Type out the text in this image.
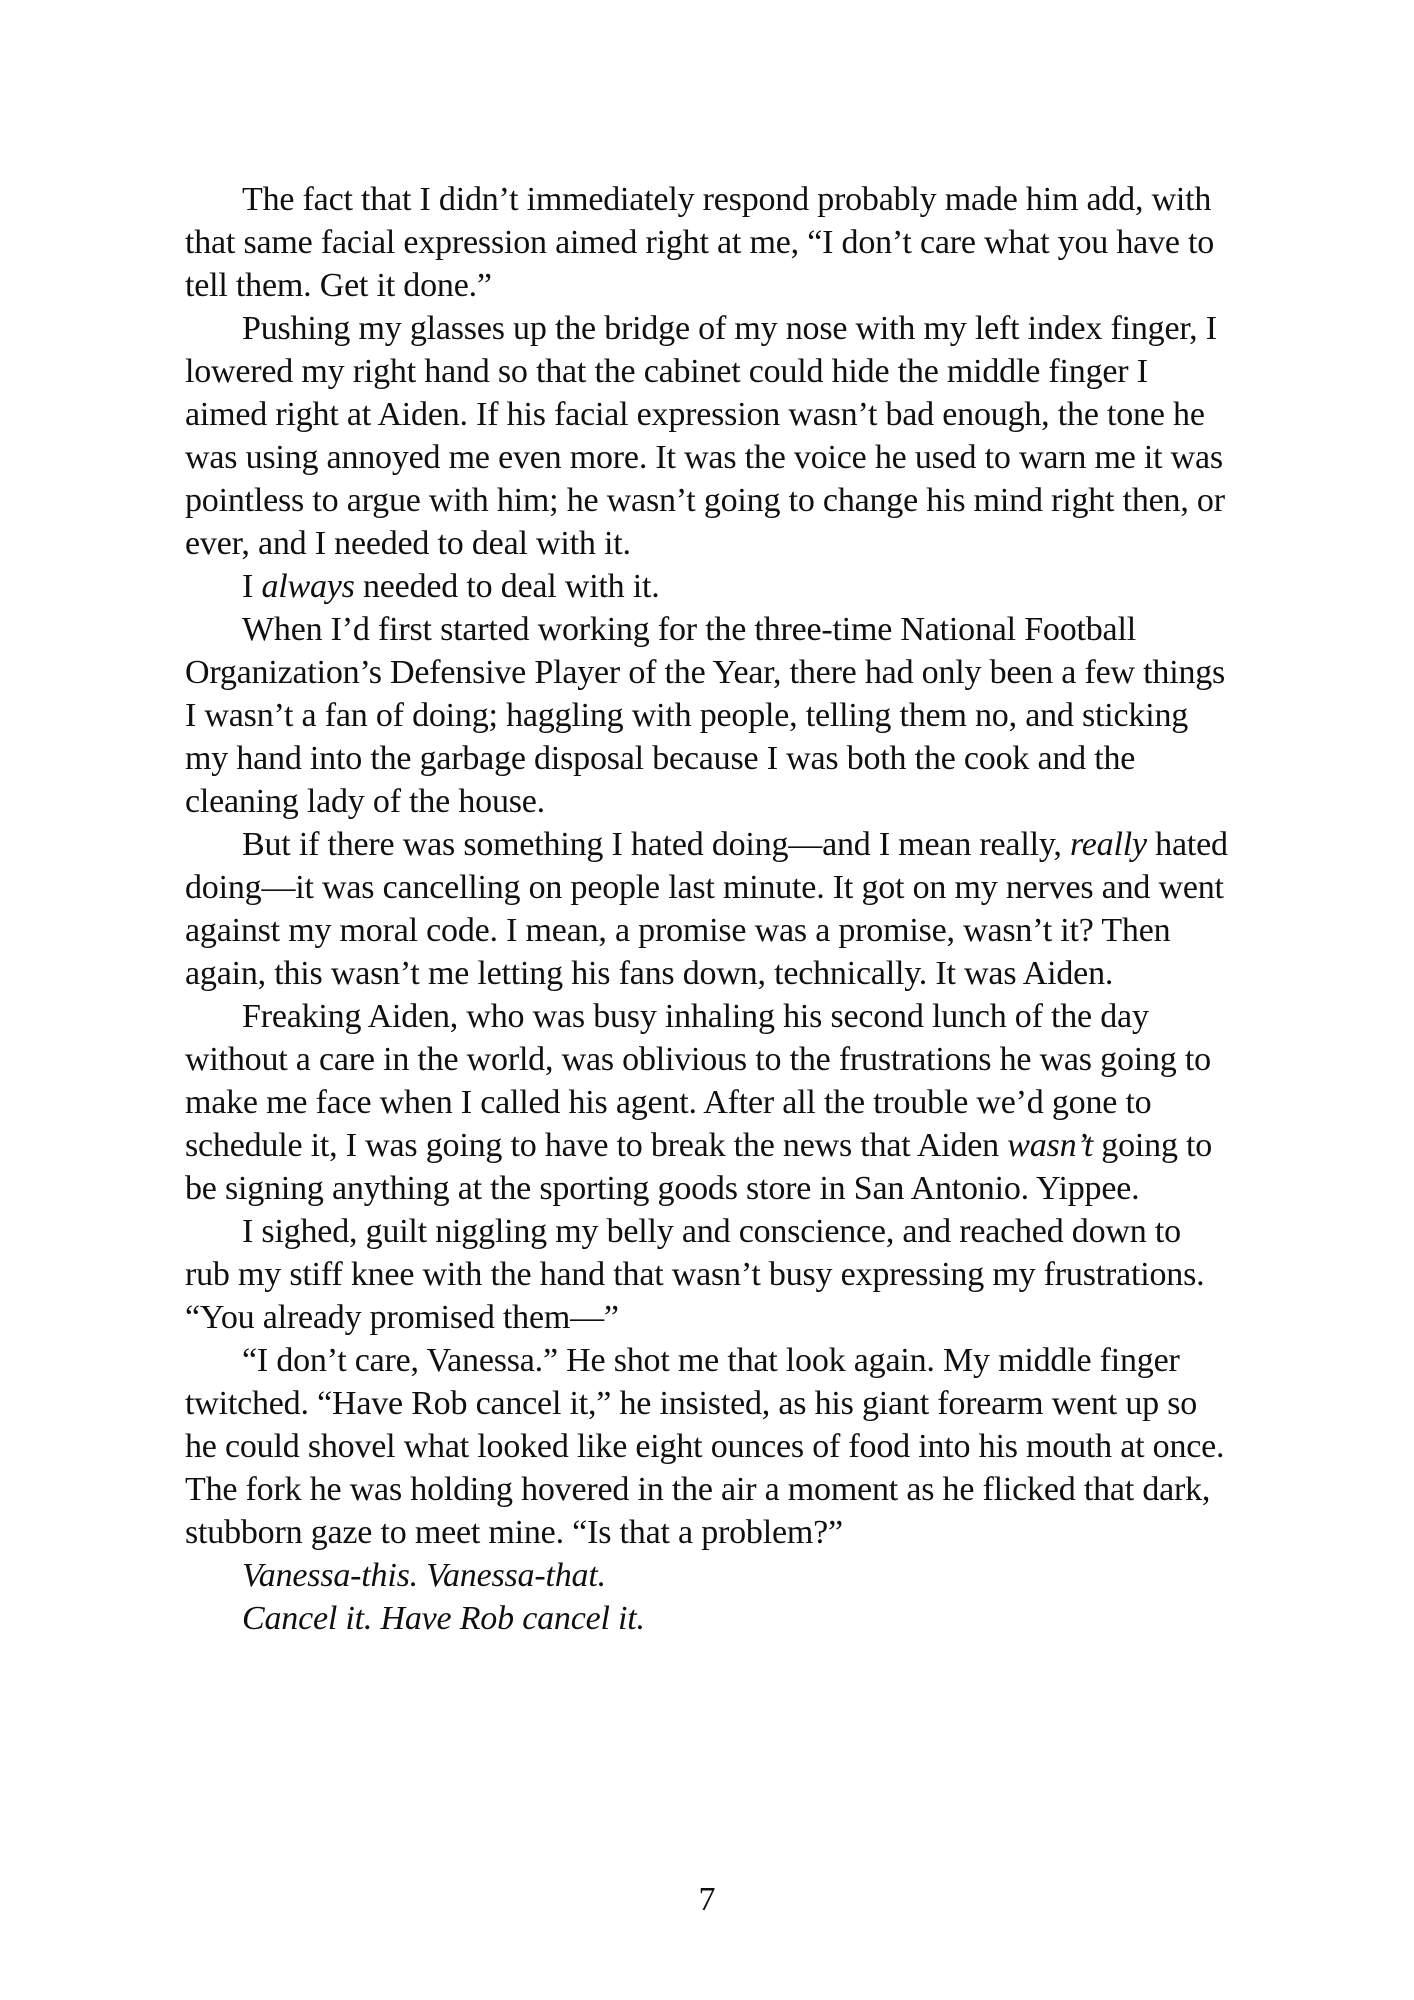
The fact that I didn’t immediately respond probably made him add, with that same facial expression aimed right at me, “I don’t care what you have to tell them. Get it done.”

Pushing my glasses up the bridge of my nose with my left index finger, I lowered my right hand so that the cabinet could hide the middle finger I aimed right at Aiden. If his facial expression wasn’t bad enough, the tone he was using annoyed me even more. It was the voice he used to warn me it was pointless to argue with him; he wasn’t going to change his mind right then, or ever, and I needed to deal with it.

I always needed to deal with it.

When I’d first started working for the three-time National Football Organization’s Defensive Player of the Year, there had only been a few things I wasn’t a fan of doing; haggling with people, telling them no, and sticking my hand into the garbage disposal because I was both the cook and the cleaning lady of the house.

But if there was something I hated doing—and I mean really, really hated doing—it was cancelling on people last minute. It got on my nerves and went against my moral code. I mean, a promise was a promise, wasn’t it? Then again, this wasn’t me letting his fans down, technically. It was Aiden.

Freaking Aiden, who was busy inhaling his second lunch of the day without a care in the world, was oblivious to the frustrations he was going to make me face when I called his agent. After all the trouble we’d gone to schedule it, I was going to have to break the news that Aiden wasn’t going to be signing anything at the sporting goods store in San Antonio. Yippee.

I sighed, guilt niggling my belly and conscience, and reached down to rub my stiff knee with the hand that wasn’t busy expressing my frustrations. “You already promised them—”

“I don’t care, Vanessa.” He shot me that look again. My middle finger twitched. “Have Rob cancel it,” he insisted, as his giant forearm went up so he could shovel what looked like eight ounces of food into his mouth at once. The fork he was holding hovered in the air a moment as he flicked that dark, stubborn gaze to meet mine. “Is that a problem?”

Vanessa-this. Vanessa-that.

Cancel it. Have Rob cancel it.

7
